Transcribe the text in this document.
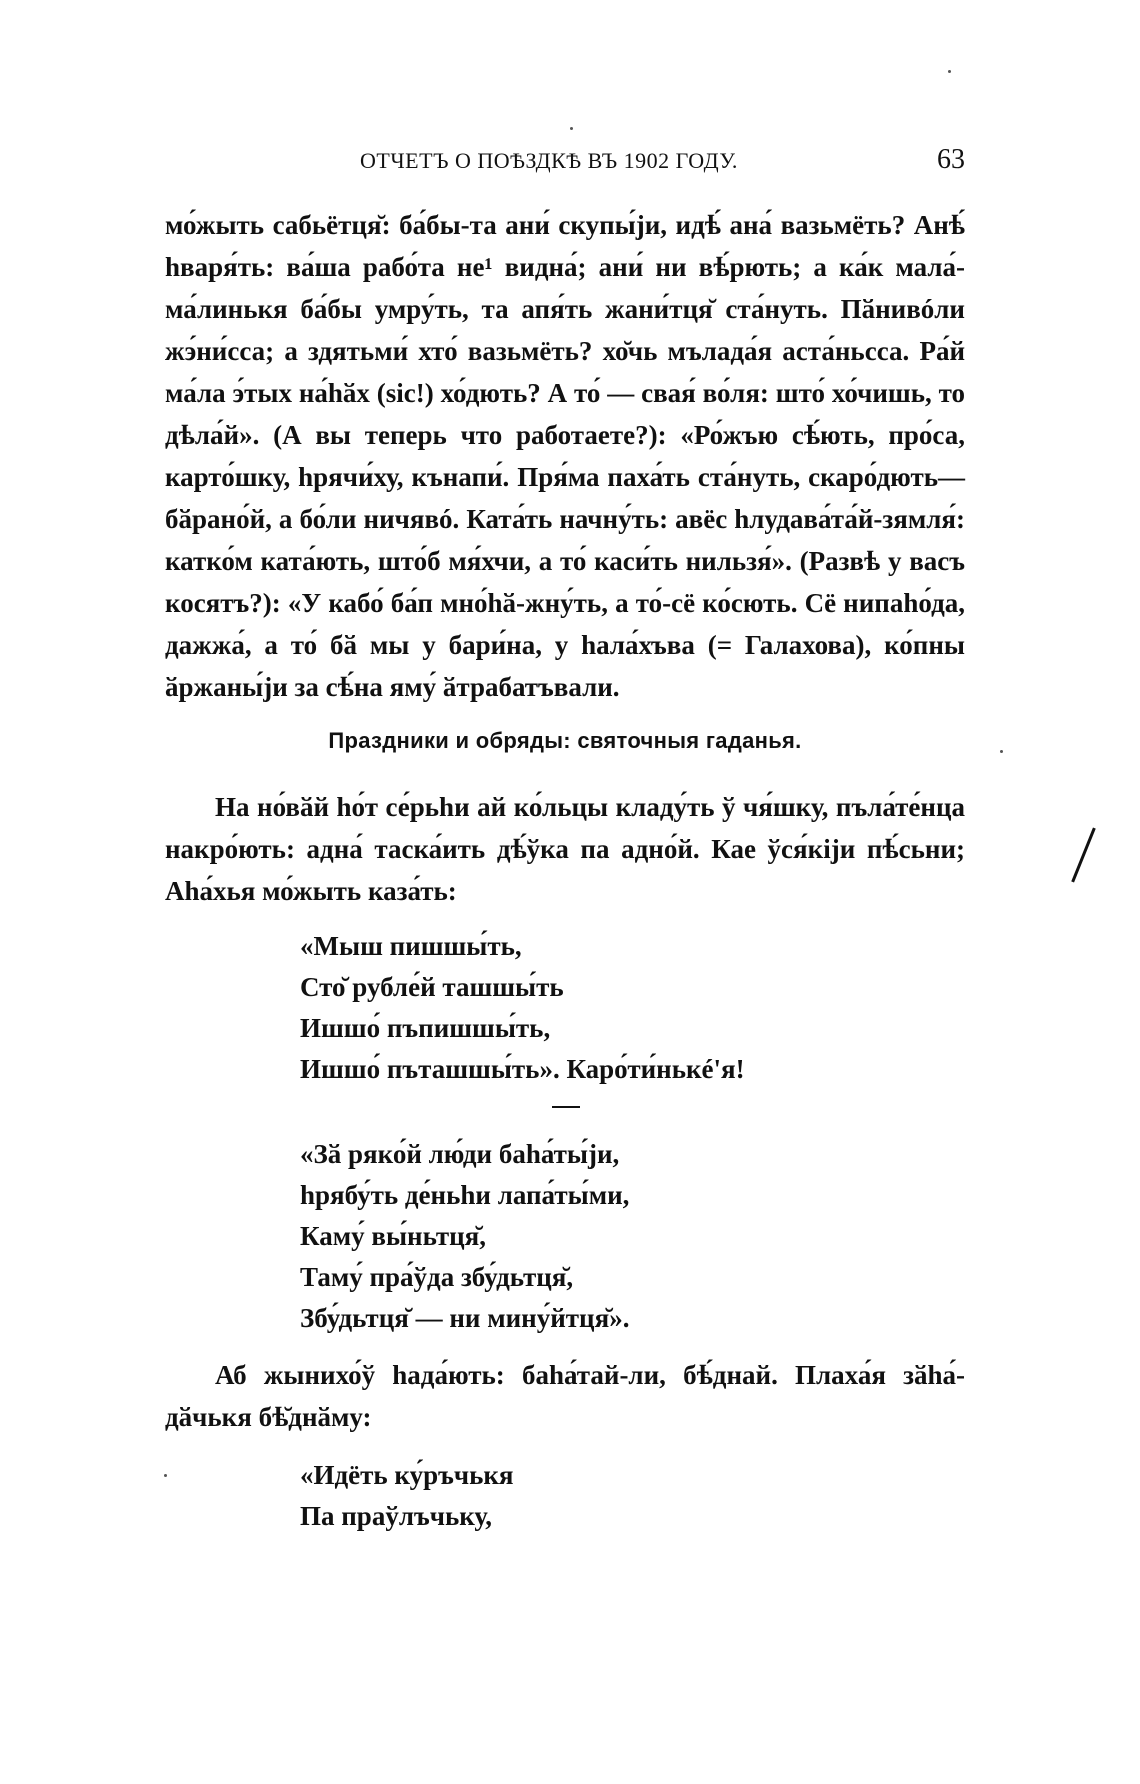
ОТЧЕТЪ О ПОѢЗДКѢ ВЪ 1902 ГОДУ.	63

мо́жыть сабьётця̆: ба́бы-та ани́ скупы́ји, идѣ́ ана́ вазьмёть? Анѣ́ hваря́ть: ва́ша рабо́та не¹ видна́; ани́ ни вѣ́рють; а ка́к мала́-ма́линькя ба́бы умру́ть, та апя́ть жани́тця̆ ста́нуть. Пӑнивóли жэ́ни́сса; а здятьми́ хто́ вазьмёть? хо̆чь мълада́я аста́ньсса. Ра́й ма́ла э́тых на́hӑх (sic!) хо́дють? А то́ — свая́ во́ля: што́ хо́чишь, то дѣла́й». (А вы теперь что работаете?): «Ро́жъю сѣ́ють, про́са, карто́шку, hрячи́ху, кънапи́. Пря́ма паха́ть ста́нуть, скаро́дють— бӑрано́й, а бо́ли ничявó. Ката́ть начну́ть: авёс hлудава́та́й-зямля́: катко́м ката́ють, што́б мя́хчи, а то́ каси́ть нильзя́». (Развѣ у васъ косятъ?): «У кабо́ ба́п мно́hӑ-жну́ть, а то́-сё ко́сють. Сё нипаhо́да, дажжа́, а то́ бӑ мы у бари́на, у hала́хъва (= Галахова), ко́пны ӑржаны́ји за сѣ́на яму́ ӑтрабатъвали.

Праздники и обряды: святочныя гаданья.

На но́вӑй hо́т се́рьhи ай ко́льцы кладу́ть ў чя́шку, пъла́те́нца накро́ють: адна́ таска́ить дѣ́ўка па адно́й. Кае ўся́кіји пѣ́сьни; Аhа́хья мо́жыть каза́ть:

«Мыш пишшы́ть,
Сто̆ рубле́й ташшы́ть
Ишшо́ пъпишшы́ть,
Ишшо́ пъташшы́ть». Каро́ти́нькé'я!
«Зӑ ряко́й лю́ди баhа́ты́ји,
hрябу́ть де́ньhи лапа́ты́ми,
Каму́ вы́ньтця̆,
Таму́ пра́ўда збу́дьтця̆,
Збу́дьтця̆ — ни мину́йтця̆».

Аб жынихо́ў hада́ють: баhа́тай-ли, бѣ́днай. Плаха́я зӑhа́-дӑчькя бѣ̆днӑму:

«Идёть ку́ръчькя
Па праўлъчьку,
